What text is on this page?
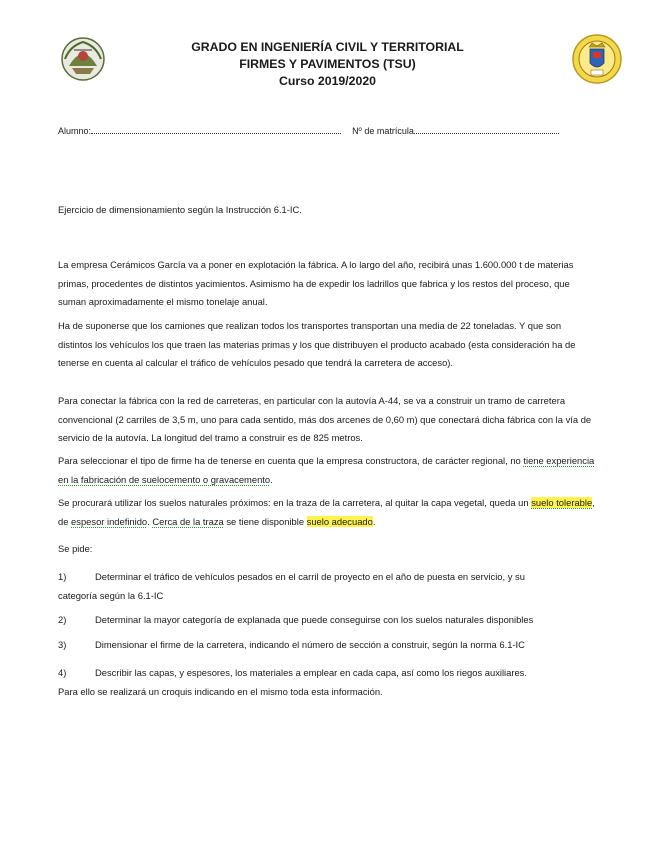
GRADO EN INGENIERÍA CIVIL Y TERRITORIAL
FIRMES Y PAVIMENTOS (TSU)
Curso 2019/2020
Alumno:	Nº de matrícula
Ejercicio de dimensionamiento según la Instrucción 6.1-IC.
La empresa Cerámicos García va a poner en explotación la fábrica. A lo largo del año, recibirá unas 1.600.000 t de materias primas, procedentes de distintos yacimientos. Asimismo ha de expedir los ladrillos que fabrica y los restos del proceso, que suman aproximadamente el mismo tonelaje anual.
Ha de suponerse que los camiones que realizan todos los transportes transportan una media de 22 toneladas. Y que son distintos los vehículos los que traen las materias primas y los que distribuyen el producto acabado (esta consideración ha de tenerse en cuenta al calcular el tráfico de vehículos pesado que tendrá la carretera de acceso).
Para conectar la fábrica con la red de carreteras, en particular con la autovía A-44, se va a construir un tramo de carretera convencional (2 carriles de 3,5 m, uno para cada sentido, más dos arcenes de 0,60 m) que conectará dicha fábrica con la vía de servicio de la autovía. La longitud del tramo a construir es de 825 metros.
Para seleccionar el tipo de firme ha de tenerse en cuenta que la empresa constructora, de carácter regional, no tiene experiencia en la fabricación de suelocemento o gravacemento.
Se procurará utilizar los suelos naturales próximos: en la traza de la carretera, al quitar la capa vegetal, queda un suelo tolerable, de espesor indefinido. Cerca de la traza se tiene disponible suelo adecuado.
Se pide:
1)	Determinar el tráfico de vehículos pesados en el carril de proyecto en el año de puesta en servicio, y su
categoría según la 6.1-IC
2)	Determinar la mayor categoría de explanada que puede conseguirse con los suelos naturales disponibles
3)	Dimensionar el firme de la carretera, indicando el número de sección a construir, según la norma 6.1-IC
4)	Describir las capas, y espesores, los materiales a emplear en cada capa, así como los riegos auxiliares.
Para ello se realizará un croquis indicando en el mismo toda esta información.
